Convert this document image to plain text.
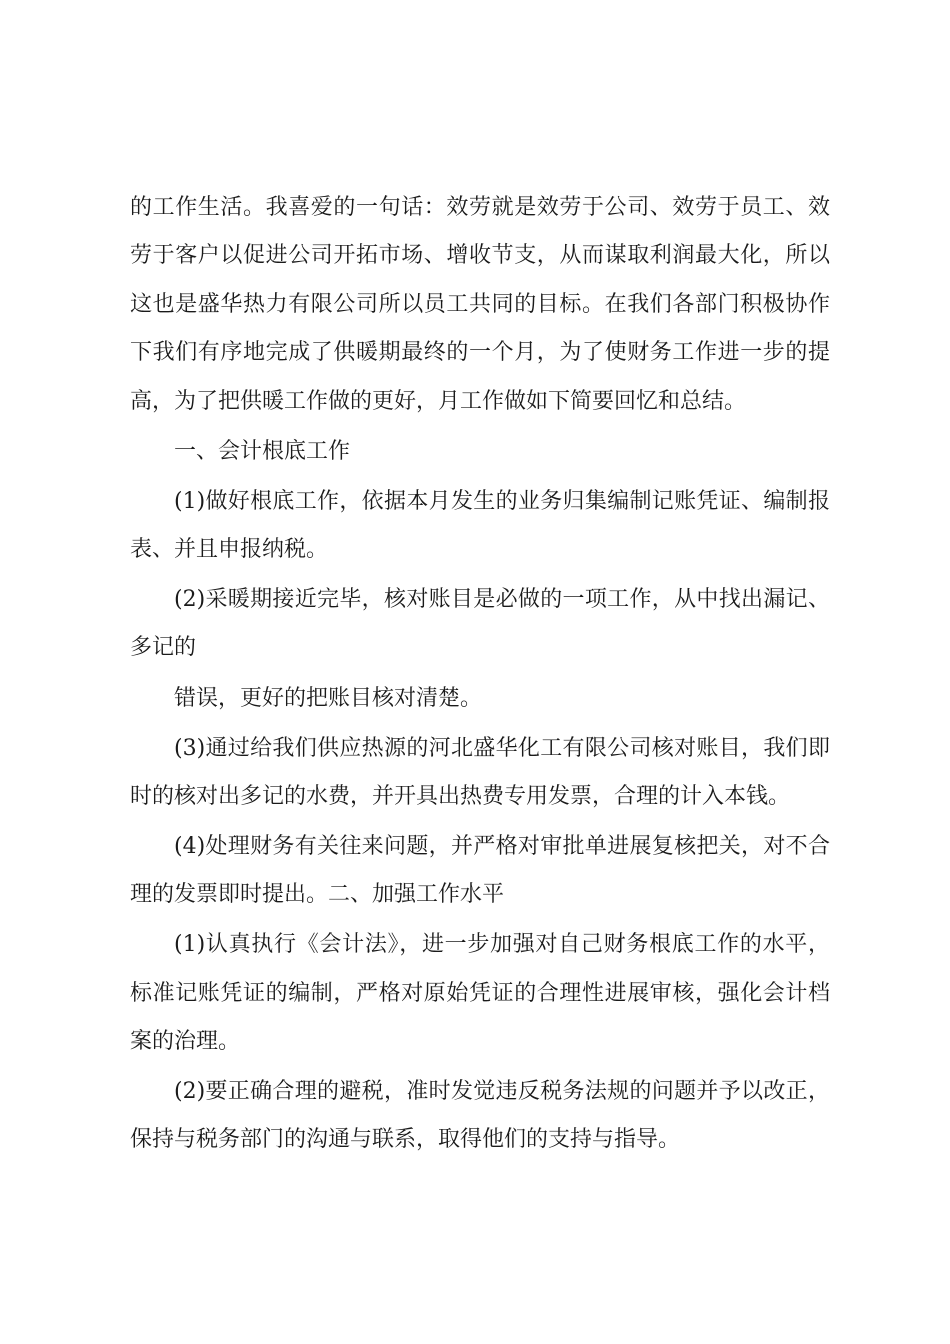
的工作生活。我喜爱的一句话：效劳就是效劳于公司、效劳于员工、效
劳于客户以促进公司开拓市场、增收节支，从而谋取利润最大化，所以
这也是盛华热力有限公司所以员工共同的目标。在我们各部门积极协作
下我们有序地完成了供暖期最终的一个月，为了使财务工作进一步的提
高，为了把供暖工作做的更好，月工作做如下简要回忆和总结。
一、会计根底工作
(1)做好根底工作，依据本月发生的业务归集编制记账凭证、编制报
表、并且申报纳税。
(2)采暖期接近完毕，核对账目是必做的一项工作，从中找出漏记、
多记的
错误，更好的把账目核对清楚。
(3)通过给我们供应热源的河北盛华化工有限公司核对账目，我们即
时的核对出多记的水费，并开具出热费专用发票，合理的计入本钱。
(4)处理财务有关往来问题，并严格对审批单进展复核把关，对不合
理的发票即时提出。二、加强工作水平
(1)认真执行《会计法》，进一步加强对自己财务根底工作的水平，
标准记账凭证的编制，严格对原始凭证的合理性进展审核，强化会计档
案的治理。
(2)要正确合理的避税，准时发觉违反税务法规的问题并予以改正，
保持与税务部门的沟通与联系，取得他们的支持与指导。
